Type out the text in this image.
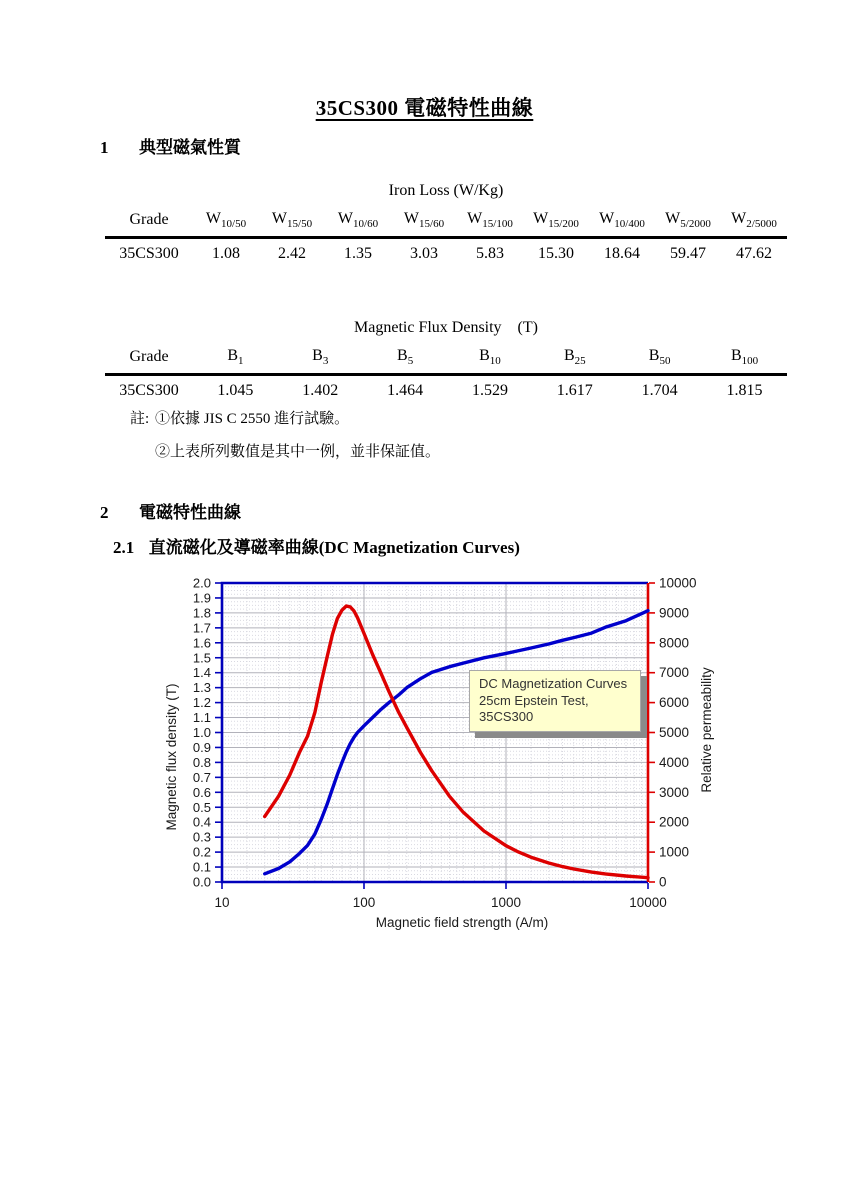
35CS300 電磁特性曲線
1 典型磁氣性質
Iron Loss (W/Kg)
Grade	$W_{10/50}$	$W_{15/50}$	$W_{10/60}$	$W_{15/60}$	$W_{15/100}$	$W_{15/200}$	$W_{10/400}$	$W_{5/2000}$	$W_{2/5000}$
35CS300	1.08	2.42	1.35	3.03	5.83	15.30	18.64	59.47	47.62
Magnetic Flux Density    (T)
Grade	$B_1$	$B_3$	$B_5$	$B_{10}$	$B_{25}$	$B_{50}$	$B_{100}$
35CS300	1.045	1.402	1.464	1.529	1.617	1.704	1.815
註: ①依據 JIS C 2550 進行試驗。
②上表所列數值是其中一例，並非保証值。
2 電磁特性曲線
2.1 直流磁化及導磁率曲線(DC Magnetization Curves)
0.0
0.1
0.2
0.3
0.4
0.5
0.6
0.7
0.8
0.9
1.0
1.1
1.2
1.3
1.4
1.5
1.6
1.7
1.8
1.9
2.0
0
1000
2000
3000
4000
5000
6000
7000
8000
9000
10000
10	100	1000	10000
Magnetic field strength (A/m)
Magnetic flux density (T)	Relative permeability
DC Magnetization Curves
25cm Epstein Test,
35CS300
